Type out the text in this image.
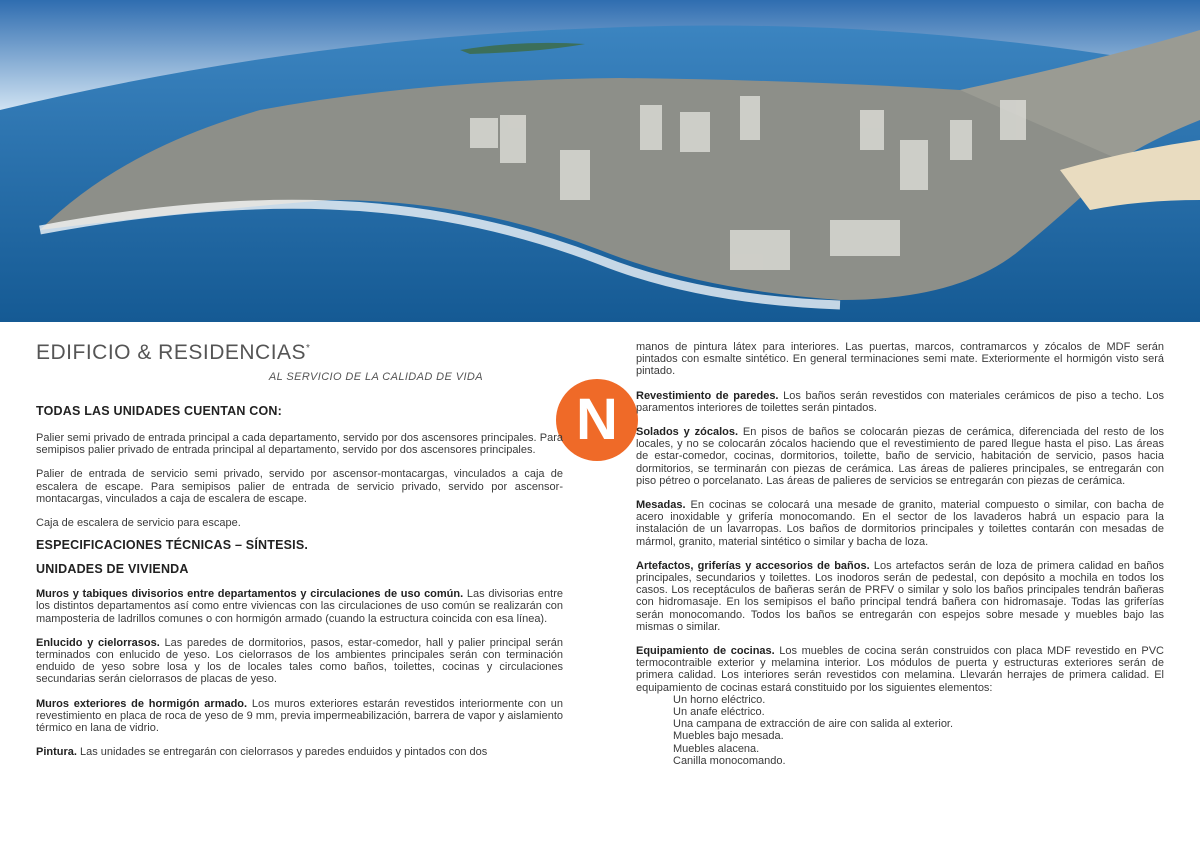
N
EDIFICIO & RESIDENCIAS*
AL SERVICIO DE LA CALIDAD DE VIDA
TODAS LAS UNIDADES CUENTAN CON:

Palier semi privado de entrada principal a cada departamento, servido por dos ascensores principales. Para semipisos palier privado de entrada principal al departamento, servido por dos ascensores principales.

Palier de entrada de servicio semi privado, servido por ascensor-montacargas, vinculados a caja de escalera de escape. Para semipisos palier de entrada de servicio privado, servido por ascensor- montacargas, vinculados a caja de escalera de escape.

Caja de escalera de servicio para escape.

ESPECIFICACIONES TÉCNICAS – SÍNTESIS.
UNIDADES DE VIVIENDA

Muros y tabiques divisorios entre departamentos y circulaciones de uso común. Las divisorias entre los distintos departamentos así como entre viviencas con las circulaciones de uso común se realizarán con mamposteria de ladrillos comunes o con hormigón armado (cuando la estructura coincida con esa línea).

Enlucido y cielorrasos. Las paredes de dormitorios, pasos, estar-comedor, hall y palier principal serán terminados con enlucido de yeso. Los cielorrasos de los ambientes principales serán con terminación enduido de yeso sobre losa y los de locales tales como baños, toilettes, cocinas y circulaciones secundarias serán cielorrasos de placas de yeso.

Muros exteriores de hormigón armado. Los muros exteriores estarán revestidos interiormente con un revestimiento en placa de roca de yeso de 9 mm, previa impermeabilización, barrera de vapor y aislamiento térmico en lana de vidrio.

Pintura. Las unidades se entregarán con cielorrasos y paredes enduidos y pintados con dos

manos de pintura látex para interiores. Las puertas, marcos, contramarcos y zócalos de MDF serán pintados con esmalte sintético. En general terminaciones semi mate. Exteriormente el hormigón visto será pintado.

Revestimiento de paredes. Los baños serán revestidos con materiales cerámicos de piso a techo. Los paramentos interiores de toilettes serán pintados.

Solados y zócalos. En pisos de baños se colocarán piezas de cerámica, diferenciada del resto de los locales, y no se colocarán zócalos haciendo que el revestimiento de pared llegue hasta el piso. Las áreas de estar-comedor, cocinas, dormitorios, toilette, baño de servicio, habitación de servicio, pasos hacia dormitorios, se terminarán con piezas de cerámica. Las áreas de palieres principales, se entregarán con piso pétreo o porcelanato. Las áreas de palieres de servicios se entregarán con piezas de cerámica.

Mesadas. En cocinas se colocará una mesade de granito, material compuesto o similar, con bacha de acero inoxidable y grifería monocomando. En el sector de los lavaderos habrá un espacio para la instalación de un lavarropas. Los baños de dormitorios principales y toilettes contarán con mesadas de mármol, granito, material sintético o similar y bacha de loza.

Artefactos, griferías y accesorios de baños. Los artefactos serán de loza de primera calidad en baños principales, secundarios y toilettes. Los inodoros serán de pedestal, con depósito a mochila en todos los casos. Los receptáculos de bañeras serán de PRFV o similar y solo los baños principales tendrán bañeras con hidromasaje. En los semipisos el baño principal tendrá bañera con hidromasaje. Todas las griferías serán monocomando. Todos los baños se entregarán con espejos sobre mesade y muebles bajo las mismas o similar.

Equipamiento de cocinas. Los muebles de cocina serán construidos con placa MDF revestido en PVC termocontraible exterior y melamina interior. Los módulos de puerta y estructuras exteriores serán de primera calidad. Los interiores serán revestidos con melamina. Llevarán herrajes de primera calidad. El equipamiento de cocinas estará constituido por los siguientes elementos:

Un horno eléctrico.
Un anafe eléctrico.
Una campana de extracción de aire con salida al exterior.
Muebles bajo mesada.
Muebles alacena.
Canilla monocomando.
